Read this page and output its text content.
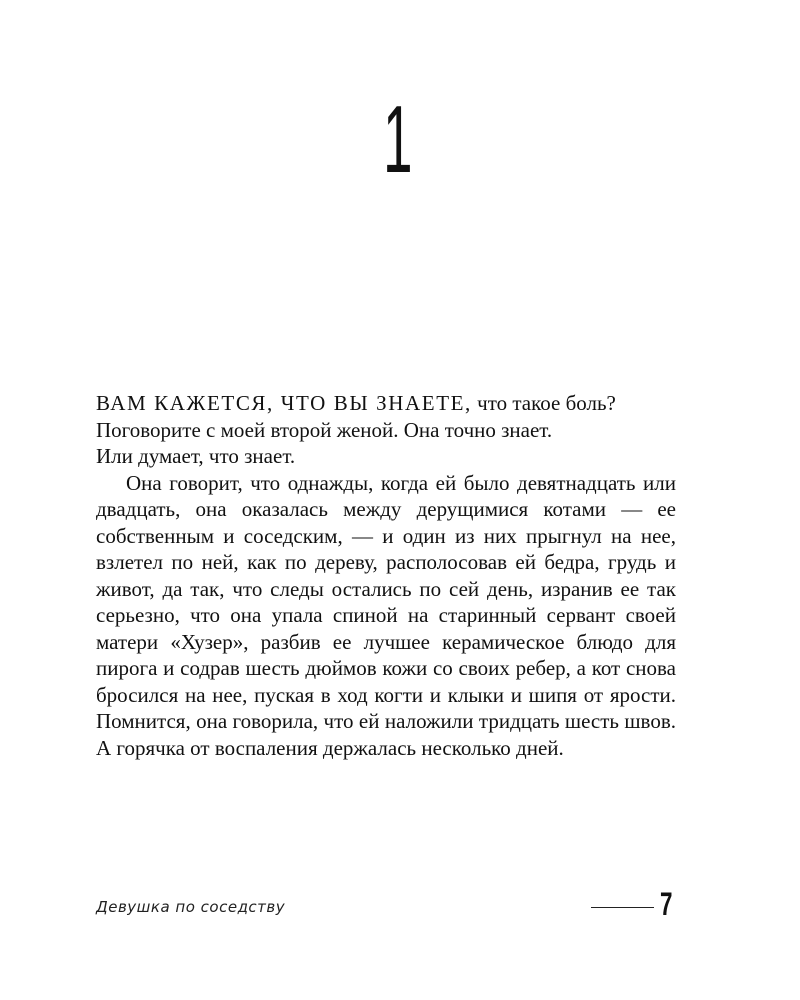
1

ВАМ КАЖЕТСЯ, ЧТО ВЫ ЗНАЕТЕ, что такое боль?

Поговорите с моей второй женой. Она точно знает.

Или думает, что знает.

Она говорит, что однажды, когда ей было девятнадцать или двадцать, она оказалась между дерущимися котами — ее собственным и соседским, — и один из них прыгнул на нее, взлетел по ней, как по дереву, располосовав ей бедра, грудь и живот, да так, что следы остались по сей день, изранив ее так серьезно, что она упала спиной на старинный сервант своей матери «Хузер», разбив ее лучшее керамическое блюдо для пирога и содрав шесть дюймов кожи со своих ребер, а кот снова бросился на нее, пуская в ход когти и клыки и шипя от ярости. Помнится, она говорила, что ей наложили тридцать шесть швов. А горячка от воспаления держалась несколько дней.

Девушка по соседству	7
